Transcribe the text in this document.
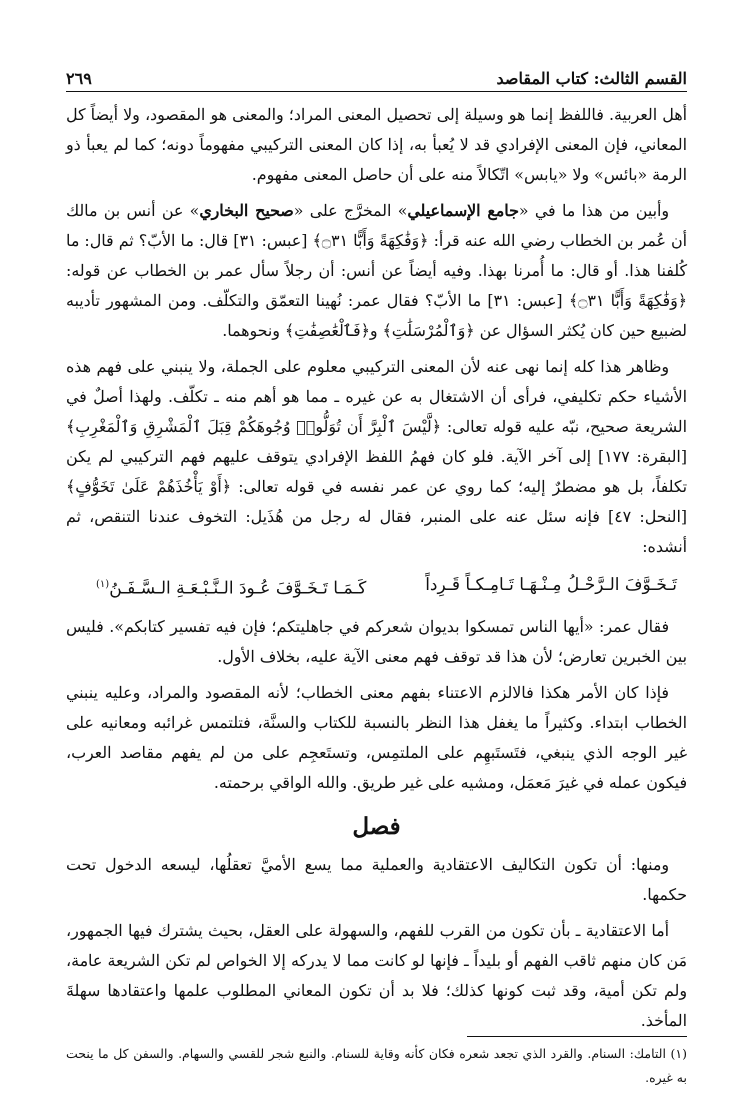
القسم الثالث: كتاب المقاصد
٢٦٩

أهل العربية. فاللفظ إنما هو وسيلة إلى تحصيل المعنى المراد؛ والمعنى هو المقصود، ولا أيضاً كل المعاني، فإن المعنى الإفرادي قد لا يُعبأ به، إذا كان المعنى التركيبي مفهوماً دونه؛ كما لم يعبأ ذو الرمة «بائس» ولا «يابس» اتّكالاً منه على أن حاصل المعنى مفهوم.

وأبين من هذا ما في «جامع الإسماعيلي» المخرَّج على «صحيح البخاري» عن أنس بن مالك أن عُمر بن الخطاب رضي الله عنه قرأ: ﴿وَفَٰكِهَةً وَأَبًّا ۝٣١﴾ [عبس: ٣١] قال: ما الأبّ؟ ثم قال: ما كُلفنا هذا. أو قال: ما أُمرنا بهذا. وفيه أيضاً عن أنس: أن رجلاً سأل عمر بن الخطاب عن قوله: ﴿وَفَٰكِهَةً وَأَبًّا ۝٣١﴾ [عبس: ٣١] ما الأبّ؟ فقال عمر: نُهينا التعمّق والتكلّف. ومن المشهور تأديبه لضبيع حين كان يُكثر السؤال عن ﴿وَٱلْمُرْسَلَٰتِ﴾ و﴿فَٱلْعَٰصِفَٰتِ﴾ ونحوهما.

وظاهر هذا كله إنما نهى عنه لأن المعنى التركيبي معلوم على الجملة، ولا ينبني على فهم هذه الأشياء حكم تكليفي، فرأى أن الاشتغال به عن غيره ـ مما هو أهم منه ـ تكلّف. ولهذا أصلٌ في الشريعة صحيح، نبّه عليه قوله تعالى: ﴿لَّيْسَ ٱلْبِرَّ أَن تُوَلُّوا۟ وُجُوهَكُمْ قِبَلَ ٱلْمَشْرِقِ وَٱلْمَغْرِبِ﴾ [البقرة: ١٧٧] إلى آخر الآية. فلو كان فهمُ اللفظ الإفرادي يتوقف عليهم فهم التركيبي لم يكن تكلفاً، بل هو مضطرٌ إليه؛ كما روي عن عمر نفسه في قوله تعالى: ﴿أَوْ يَأْخُذَهُمْ عَلَىٰ تَخَوُّفٍ﴾ [النحل: ٤٧] فإنه سئل عنه على المنبر، فقال له رجل من هُذَيل: التخوف عندنا التنقص، ثم أنشده:

تَـخَـوَّفَ الـرَّحْـلُ مِـنْـهَـا تَـامِـكـاً قَـرِداً
كَـمَـا تَـخَـوَّفَ عُـودَ الـنَّـبْـعَـةِ الـسَّـفَـنُ$^{(١)}$

فقال عمر: «أيها الناس تمسكوا بديوان شعركم في جاهليتكم؛ فإن فيه تفسير كتابكم». فليس بين الخبرين تعارض؛ لأن هذا قد توقف فهم معنى الآية عليه، بخلاف الأول.

فإذا كان الأمر هكذا فالالزم الاعتناء بفهم معنى الخطاب؛ لأنه المقصود والمراد، وعليه ينبني الخطاب ابتداء. وكثيراً ما يغفل هذا النظر بالنسبة للكتاب والسنَّة، فتلتمس غرائبه ومعانيه على غير الوجه الذي ينبغي، فتَستَبهِم على الملتمِس، وتستَعجِم على من لم يفهم مقاصد العرب، فيكون عمله في غيرَ مَعمَل، ومشيه على غير طريق. والله الواقي برحمته.

فصل

ومنها: أن تكون التكاليف الاعتقادية والعملية مما يسع الأميَّ تعقلُها، ليسعه الدخول تحت حكمها.

أما الاعتقادية ـ بأن تكون من القرب للفهم، والسهولة على العقل، بحيث يشترك فيها الجمهور، مَن كان منهم ثاقب الفهم أو بليداً ـ فإنها لو كانت مما لا يدركه إلا الخواص لم تكن الشريعة عامة، ولم تكن أمية، وقد ثبت كونها كذلك؛ فلا بد أن تكون المعاني المطلوب علمها واعتقادها سهلةَ المأخذ.

(١) التامك: السنام. والقرد الذي تجعد شعره فكان كأنه وقاية للسنام. والنبع شجر للقسي والسهام. والسفن كل ما ينحت به غيره.
